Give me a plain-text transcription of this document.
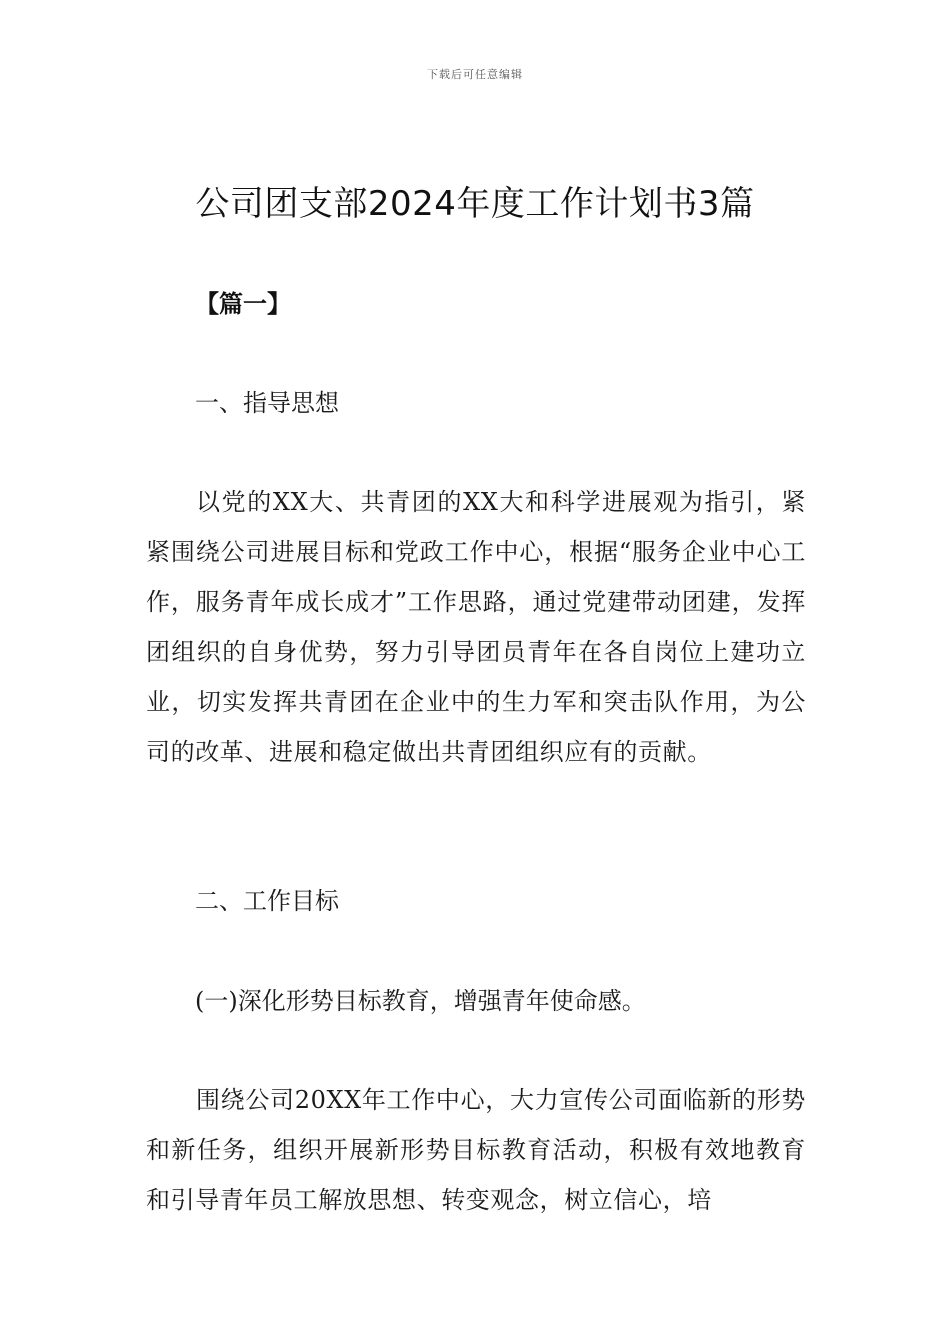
下载后可任意编辑
公司团支部2024年度工作计划书3篇
【篇一】
一、指导思想
以党的XX大、共青团的XX大和科学进展观为指引，紧紧围绕公司进展目标和党政工作中心，根据“服务企业中心工作，服务青年成长成才”工作思路，通过党建带动团建，发挥团组织的自身优势，努力引导团员青年在各自岗位上建功立业，切实发挥共青团在企业中的生力军和突击队作用，为公司的改革、进展和稳定做出共青团组织应有的贡献。
二、工作目标
(一)深化形势目标教育，增强青年使命感。
围绕公司20XX年工作中心，大力宣传公司面临新的形势和新任务，组织开展新形势目标教育活动，积极有效地教育和引导青年员工解放思想、转变观念，树立信心，培
